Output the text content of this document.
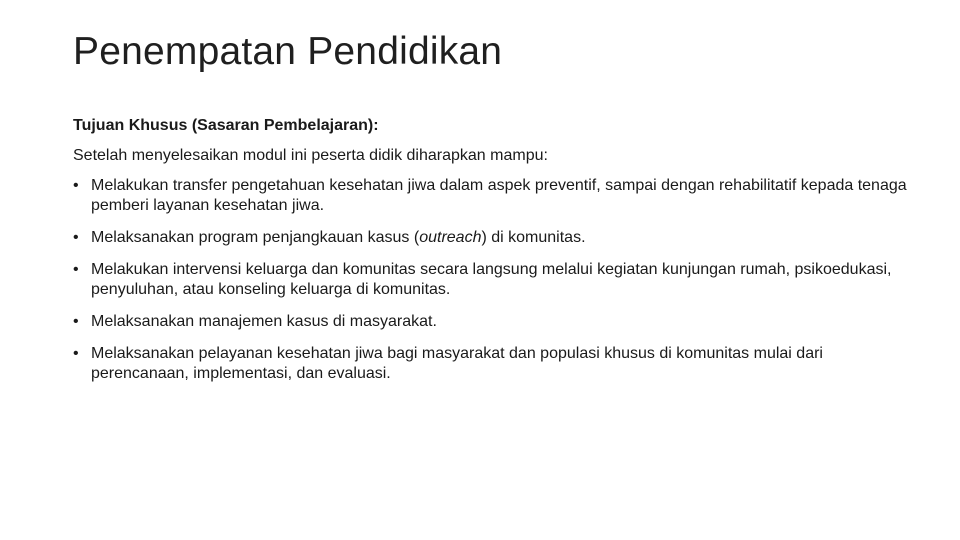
Penempatan Pendidikan

Tujuan Khusus (Sasaran Pembelajaran):

Setelah menyelesaikan modul ini peserta didik diharapkan mampu:

• Melakukan transfer pengetahuan kesehatan jiwa dalam aspek preventif, sampai dengan rehabilitatif kepada tenaga pemberi layanan kesehatan jiwa.
• Melaksanakan program penjangkauan kasus (outreach) di komunitas.
• Melakukan intervensi keluarga dan komunitas secara langsung melalui kegiatan kunjungan rumah, psikoedukasi, penyuluhan, atau konseling keluarga di komunitas.
• Melaksanakan manajemen kasus di masyarakat.
• Melaksanakan pelayanan kesehatan jiwa bagi masyarakat dan populasi khusus di komunitas mulai dari perencanaan, implementasi, dan evaluasi.
